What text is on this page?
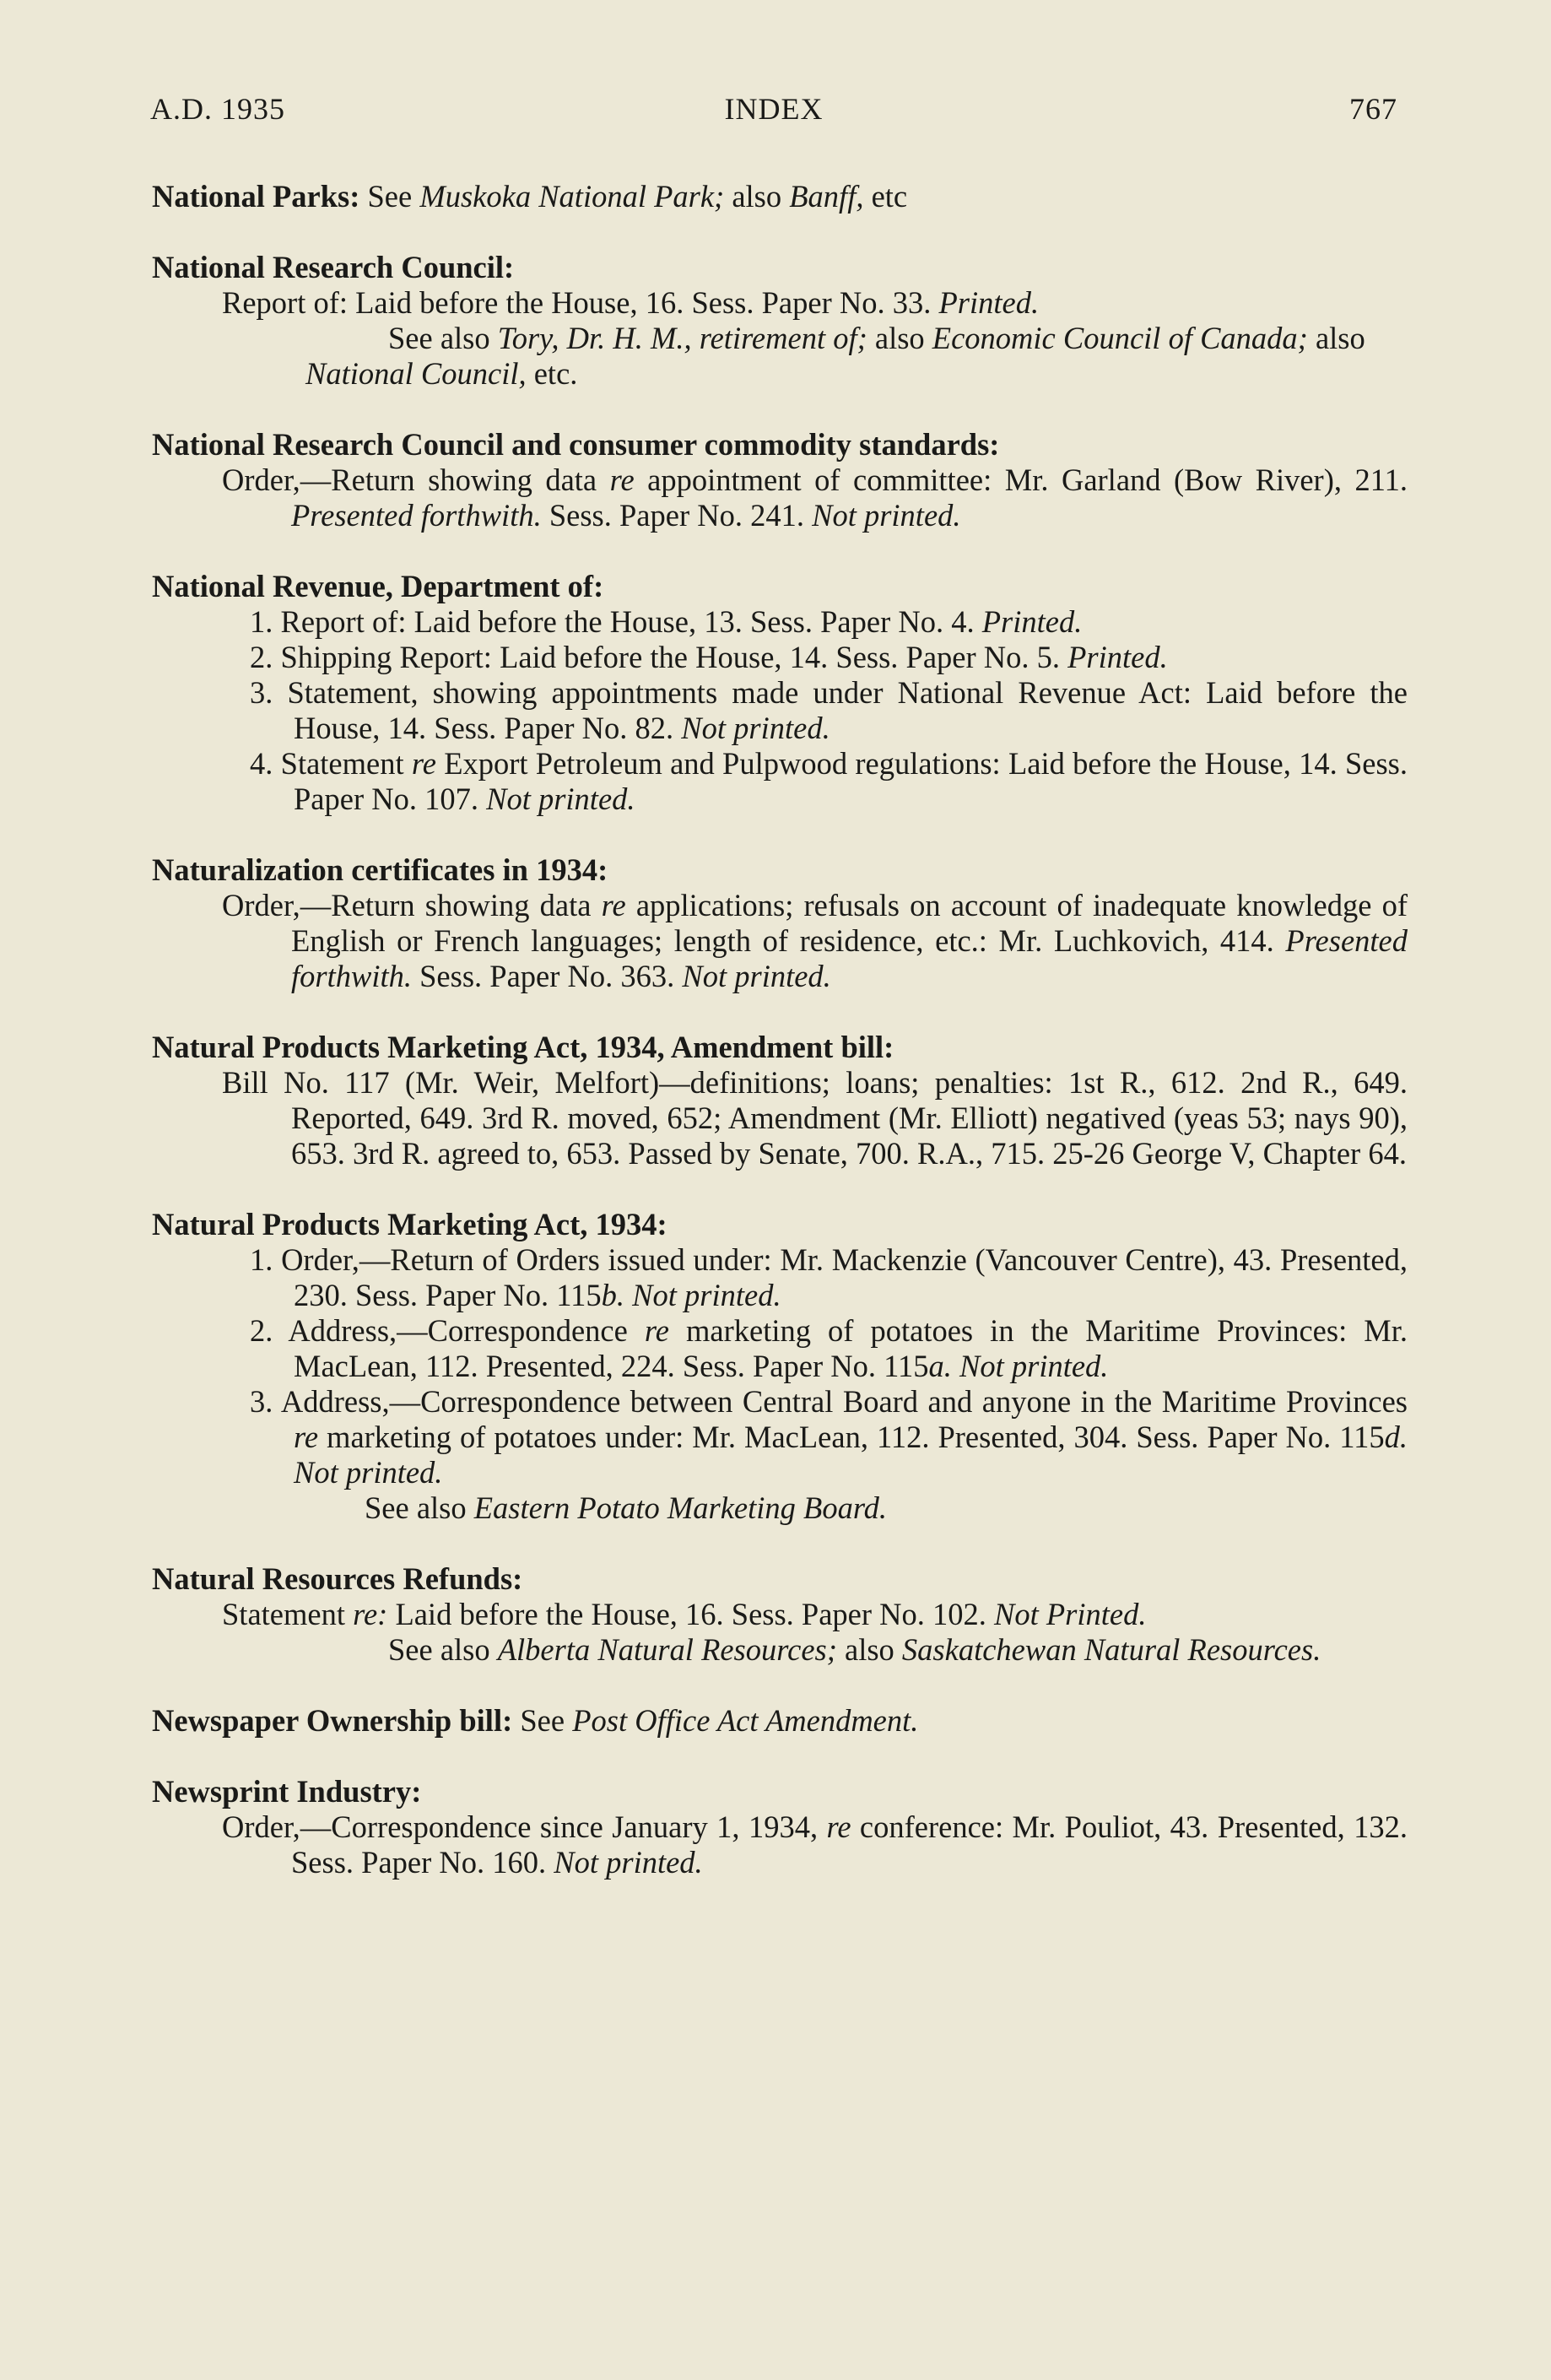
A.D. 1935	INDEX	767
National Parks: See Muskoka National Park; also Banff, etc
National Research Council:
Report of: Laid before the House, 16. Sess. Paper No. 33. Printed.
See also Tory, Dr. H. M., retirement of; also Economic Council of Canada; also National Council, etc.
National Research Council and consumer commodity standards:
Order,—Return showing data re appointment of committee: Mr. Garland (Bow River), 211. Presented forthwith. Sess. Paper No. 241. Not printed.
National Revenue, Department of:
1. Report of: Laid before the House, 13. Sess. Paper No. 4. Printed.
2. Shipping Report: Laid before the House, 14. Sess. Paper No. 5. Printed.
3. Statement, showing appointments made under National Revenue Act: Laid before the House, 14. Sess. Paper No. 82. Not printed.
4. Statement re Export Petroleum and Pulpwood regulations: Laid before the House, 14. Sess. Paper No. 107. Not printed.
Naturalization certificates in 1934:
Order,—Return showing data re applications; refusals on account of inadequate knowledge of English or French languages; length of residence, etc.: Mr. Luchkovich, 414. Presented forthwith. Sess. Paper No. 363. Not printed.
Natural Products Marketing Act, 1934, Amendment bill:
Bill No. 117 (Mr. Weir, Melfort)—definitions; loans; penalties: 1st R., 612. 2nd R., 649. Reported, 649. 3rd R. moved, 652; Amendment (Mr. Elliott) negatived (yeas 53; nays 90), 653. 3rd R. agreed to, 653. Passed by Senate, 700. R.A., 715. 25-26 George V, Chapter 64.
Natural Products Marketing Act, 1934:
1. Order,—Return of Orders issued under: Mr. Mackenzie (Vancouver Centre), 43. Presented, 230. Sess. Paper No. 115b. Not printed.
2. Address,—Correspondence re marketing of potatoes in the Maritime Provinces: Mr. MacLean, 112. Presented, 224. Sess. Paper No. 115a. Not printed.
3. Address,—Correspondence between Central Board and anyone in the Maritime Provinces re marketing of potatoes under: Mr. MacLean, 112. Presented, 304. Sess. Paper No. 115d. Not printed.
See also Eastern Potato Marketing Board.
Natural Resources Refunds:
Statement re: Laid before the House, 16. Sess. Paper No. 102. Not Printed.
See also Alberta Natural Resources; also Saskatchewan Natural Resources.
Newspaper Ownership bill: See Post Office Act Amendment.
Newsprint Industry:
Order,—Correspondence since January 1, 1934, re conference: Mr. Pouliot, 43. Presented, 132. Sess. Paper No. 160. Not printed.
